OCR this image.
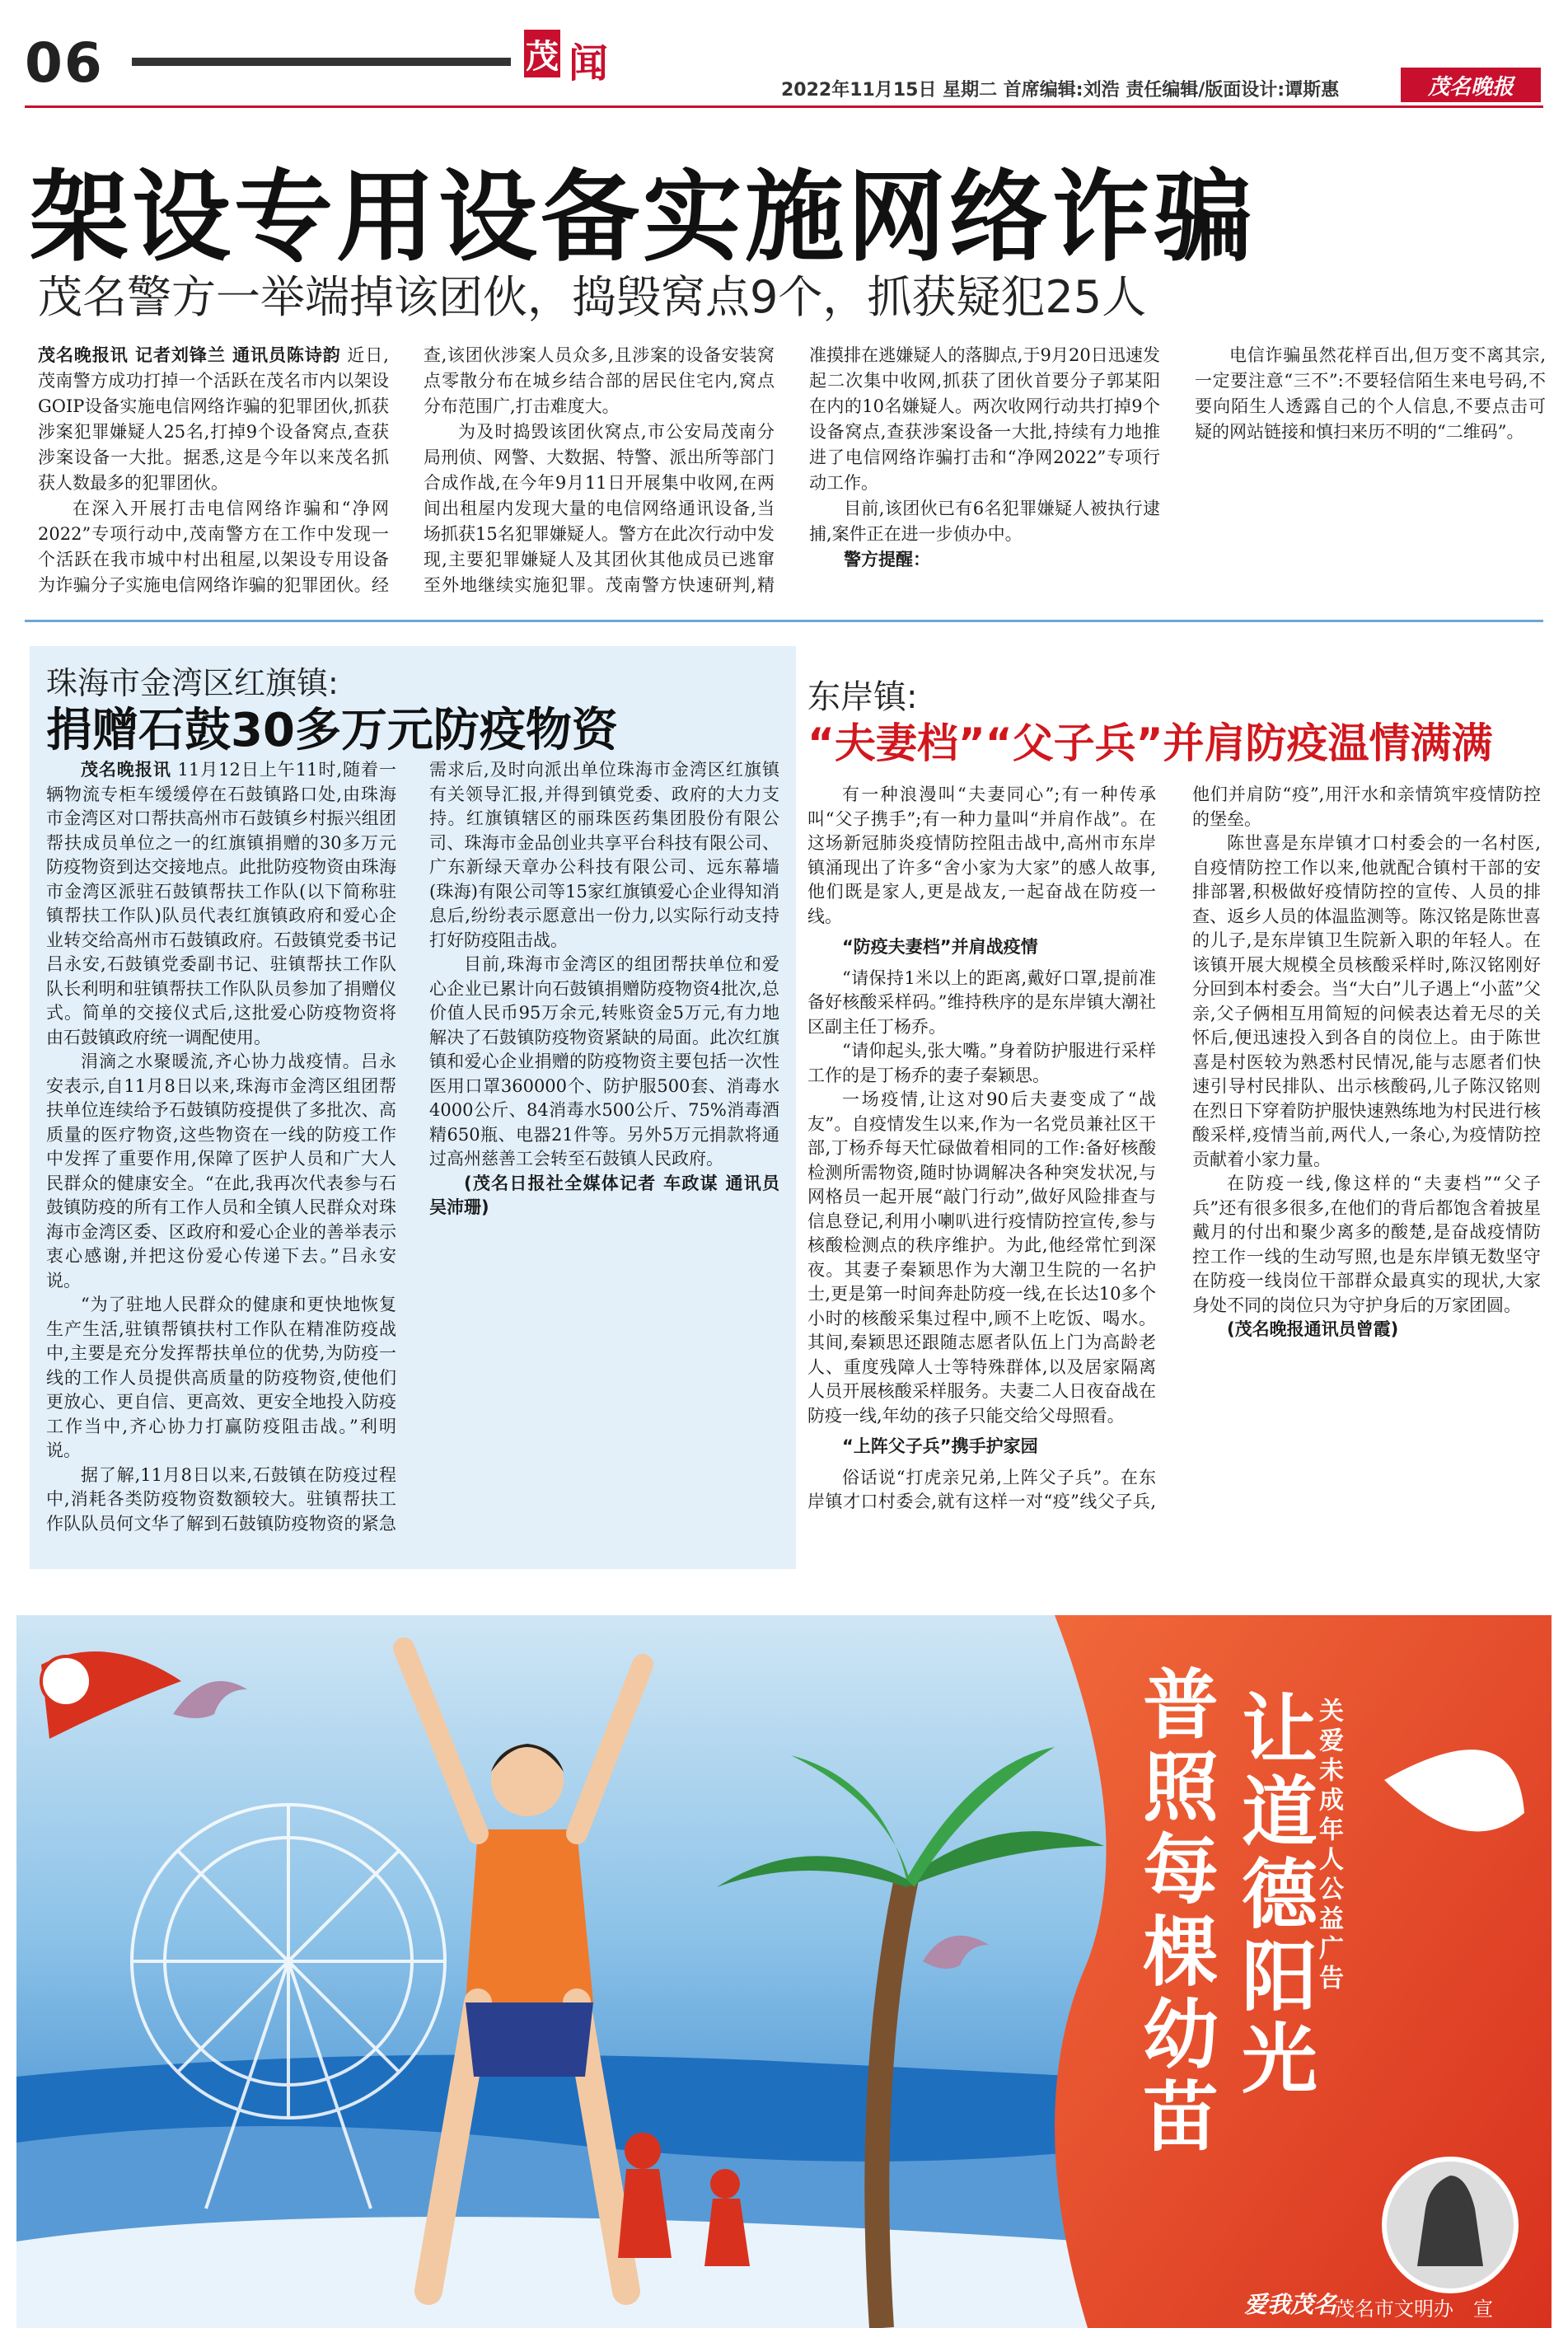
06	茂 闻
2022年11月15日 星期二 首席编辑:刘浩 责任编辑/版面设计:谭斯惠	茂名晚报
架设专用设备实施网络诈骗
茂名警方一举端掉该团伙，捣毁窝点9个，抓获疑犯25人

茂名晚报讯 记者刘锋兰 通讯员陈诗韵 近日,茂南警方成功打掉一个活跃在茂名市内以架设GOIP设备实施电信网络诈骗的犯罪团伙,抓获涉案犯罪嫌疑人25名,打掉9个设备窝点,查获涉案设备一大批。据悉,这是今年以来茂名抓获人数最多的犯罪团伙。

在深入开展打击电信网络诈骗和“净网2022”专项行动中,茂南警方在工作中发现一个活跃在我市城中村出租屋,以架设专用设备为诈骗分子实施电信网络诈骗的犯罪团伙。经查,该团伙涉案人员众多,且涉案的设备安装窝点零散分布在城乡结合部的居民住宅内,窝点分布范围广,打击难度大。

为及时捣毁该团伙窝点,市公安局茂南分局刑侦、网警、大数据、特警、派出所等部门合成作战,在今年9月11日开展集中收网,在两间出租屋内发现大量的电信网络通讯设备,当场抓获15名犯罪嫌疑人。警方在此次行动中发现,主要犯罪嫌疑人及其团伙其他成员已逃窜至外地继续实施犯罪。茂南警方快速研判,精准摸排在逃嫌疑人的落脚点,于9月20日迅速发起二次集中收网,抓获了团伙首要分子郭某阳在内的10名嫌疑人。两次收网行动共打掉9个设备窝点,查获涉案设备一大批,持续有力地推进了电信网络诈骗打击和“净网2022”专项行动工作。

目前,该团伙已有6名犯罪嫌疑人被执行逮捕,案件正在进一步侦办中。

警方提醒：

电信诈骗虽然花样百出,但万变不离其宗,一定要注意“三不”:不要轻信陌生来电号码,不要向陌生人透露自己的个人信息,不要点击可疑的网站链接和慎扫来历不明的“二维码”。

珠海市金湾区红旗镇:
捐赠石鼓30多万元防疫物资

茂名晚报讯 11月12日上午11时,随着一辆物流专柜车缓缓停在石鼓镇路口处,由珠海市金湾区对口帮扶高州市石鼓镇乡村振兴组团帮扶成员单位之一的红旗镇捐赠的30多万元防疫物资到达交接地点。此批防疫物资由珠海市金湾区派驻石鼓镇帮扶工作队(以下简称驻镇帮扶工作队)队员代表红旗镇政府和爱心企业转交给高州市石鼓镇政府。石鼓镇党委书记吕永安,石鼓镇党委副书记、驻镇帮扶工作队队长利明和驻镇帮扶工作队队员参加了捐赠仪式。简单的交接仪式后,这批爱心防疫物资将由石鼓镇政府统一调配使用。

涓滴之水聚暖流,齐心协力战疫情。吕永安表示,自11月8日以来,珠海市金湾区组团帮扶单位连续给予石鼓镇防疫提供了多批次、高质量的医疗物资,这些物资在一线的防疫工作中发挥了重要作用,保障了医护人员和广大人民群众的健康安全。“在此,我再次代表参与石鼓镇防疫的所有工作人员和全镇人民群众对珠海市金湾区委、区政府和爱心企业的善举表示衷心感谢,并把这份爱心传递下去。”吕永安说。

“为了驻地人民群众的健康和更快地恢复生产生活,驻镇帮镇扶村工作队在精准防疫战中,主要是充分发挥帮扶单位的优势,为防疫一线的工作人员提供高质量的防疫物资,使他们更放心、更自信、更高效、更安全地投入防疫工作当中,齐心协力打赢防疫阻击战。”利明说。

据了解,11月8日以来,石鼓镇在防疫过程中,消耗各类防疫物资数额较大。驻镇帮扶工作队队员何文华了解到石鼓镇防疫物资的紧急需求后,及时向派出单位珠海市金湾区红旗镇有关领导汇报,并得到镇党委、政府的大力支持。红旗镇辖区的丽珠医药集团股份有限公司、珠海市金品创业共享平台科技有限公司、广东新绿天章办公科技有限公司、远东幕墙(珠海)有限公司等15家红旗镇爱心企业得知消息后,纷纷表示愿意出一份力,以实际行动支持打好防疫阻击战。

目前,珠海市金湾区的组团帮扶单位和爱心企业已累计向石鼓镇捐赠防疫物资4批次,总价值人民币95万余元,转账资金5万元,有力地解决了石鼓镇防疫物资紧缺的局面。此次红旗镇和爱心企业捐赠的防疫物资主要包括一次性医用口罩360000个、防护服500套、消毒水4000公斤、84消毒水500公斤、75%消毒酒精650瓶、电器21件等。另外5万元捐款将通过高州慈善工会转至石鼓镇人民政府。

(茂名日报社全媒体记者 车政谋 通讯员 吴沛珊)

东岸镇:
“夫妻档”“父子兵”并肩防疫温情满满

有一种浪漫叫“夫妻同心”;有一种传承叫“父子携手”;有一种力量叫“并肩作战”。在这场新冠肺炎疫情防控阻击战中,高州市东岸镇涌现出了许多“舍小家为大家”的感人故事,他们既是家人,更是战友,一起奋战在防疫一线。

“防疫夫妻档”并肩战疫情

“请保持1米以上的距离,戴好口罩,提前准备好核酸采样码。”维持秩序的是东岸镇大潮社区副主任丁杨乔。

“请仰起头,张大嘴。”身着防护服进行采样工作的是丁杨乔的妻子秦颖思。

一场疫情,让这对90后夫妻变成了“战友”。自疫情发生以来,作为一名党员兼社区干部,丁杨乔每天忙碌做着相同的工作:备好核酸检测所需物资,随时协调解决各种突发状况,与网格员一起开展“敲门行动”,做好风险排查与信息登记,利用小喇叭进行疫情防控宣传,参与核酸检测点的秩序维护。为此,他经常忙到深夜。其妻子秦颖思作为大潮卫生院的一名护士,更是第一时间奔赴防疫一线,在长达10多个小时的核酸采集过程中,顾不上吃饭、喝水。其间,秦颖思还跟随志愿者队伍上门为高龄老人、重度残障人士等特殊群体,以及居家隔离人员开展核酸采样服务。夫妻二人日夜奋战在防疫一线,年幼的孩子只能交给父母照看。

“上阵父子兵”携手护家园

俗话说“打虎亲兄弟,上阵父子兵”。在东岸镇才口村委会,就有这样一对“疫”线父子兵,他们并肩防“疫”,用汗水和亲情筑牢疫情防控的堡垒。

陈世喜是东岸镇才口村委会的一名村医,自疫情防控工作以来,他就配合镇村干部的安排部署,积极做好疫情防控的宣传、人员的排查、返乡人员的体温监测等。陈汉铭是陈世喜的儿子,是东岸镇卫生院新入职的年轻人。在该镇开展大规模全员核酸采样时,陈汉铭刚好分回到本村委会。当“大白”儿子遇上“小蓝”父亲,父子俩相互用简短的问候表达着无尽的关怀后,便迅速投入到各自的岗位上。由于陈世喜是村医较为熟悉村民情况,能与志愿者们快速引导村民排队、出示核酸码,儿子陈汉铭则在烈日下穿着防护服快速熟练地为村民进行核酸采样,疫情当前,两代人,一条心,为疫情防控贡献着小家力量。

在防疫一线,像这样的“夫妻档”“父子兵”还有很多很多,在他们的背后都饱含着披星戴月的付出和聚少离多的酸楚,是奋战疫情防控工作一线的生动写照,也是东岸镇无数坚守在防疫一线岗位干部群众最真实的现状,大家身处不同的岗位只为守护身后的万家团圆。

(茂名晚报通讯员曾霞)

关爱未成年人公益广告
让道德阳光
普照每棵幼苗
爱我茂名
茂名市文明办　宣
